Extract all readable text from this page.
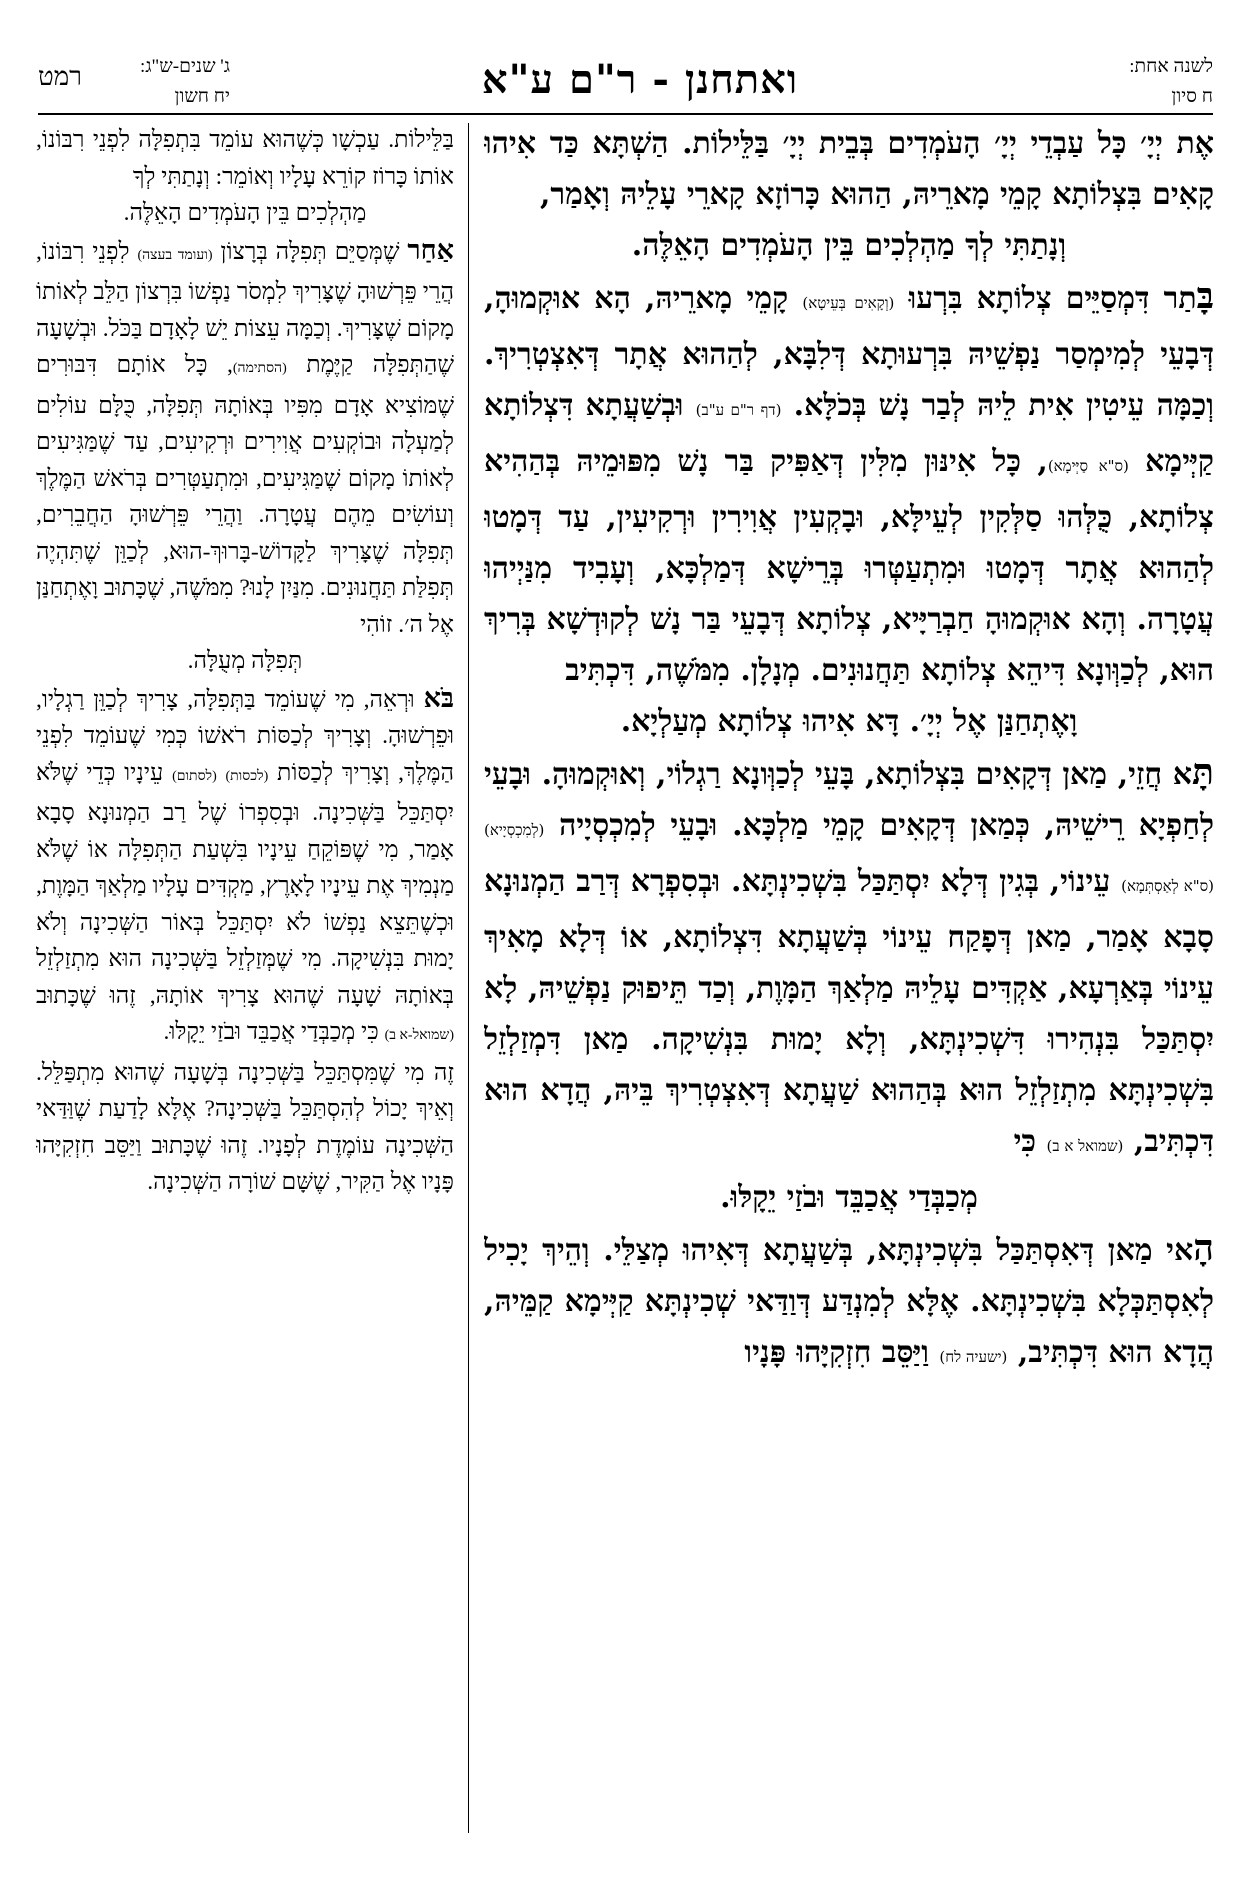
לשנה אחת:
ח סיון
ואתחנן - ר"ם ע"א
ג' שנים-ש"ג:
יח חשון
רמט

אֶת יְיָ׳ כָּל עַבְדֵי יְיָ׳ הָעֹמְדִים בְּבֵית יְיָ׳ בַּלֵּילוֹת. הַשְׁתָּא כַּד אִיהוּ קָאִים בִּצְלוֹתָא קָמֵי מָארֵיהּ, הַהוּא כָּרוֹזָא קָארֵי עָלֵיהּ וְאָמַר,

וְנָתַתִּי לְךָ מַהְלְכִים בֵּין הָעֹמְדִים הָאֵלֶּה.

בָּתַר דִּמְסַיֵּים צְלוֹתָא בִּרְעוּ (וְקָאִים בְּעֵיטָא) קָמֵי מָארֵיהּ, הָא אוּקְמוּהָ, דְּבָעֵי לְמִימְסַר נַפְשֵׁיהּ בִּרְעוּתָא דְּלִבָּא, לְהַהוּא אֲתָר דְּאִצְטְרִיךְ. וְכַמָּה עֵיטִין אִית לֵיהּ לְבַר נָשׁ בְּכֹלָּא. (דף ר"ם ע"ב) וּבְשַׁעֲתָא דִּצְלוֹתָא קַיְּימָא (ס"א סַיְּימָא), כָּל אִינּוּן מִלִּין דְּאַפִּיק בַּר נָשׁ מִפּוּמֵיהּ בְּהַהִיא צְלוֹתָא, כֻּלְּהוּ סַלְּקִין לְעֵילָּא, וּבָקְעִין אֲוִירִין וּרְקִיעִין, עַד דְּמָטוּ לְהַהוּא אֲתָר דְּמָטוּ וּמִתְעַטְּרוּ בְּרֵישָׁא דְּמַלְכָּא, וְעָבִיד מִנַּיְיהוּ עֲטָרָה. וְהָא אוּקְמוּהָ חַבְרַיָּיא, צְלוֹתָא דְּבָעֵי בַּר נָשׁ לְקוּדְשָׁא בְּרִיךְ הוּא, לְכַוְּונָא דִּיהֵא צְלוֹתָא תַּחֲנוּנִים. מְנָלָן. מִמֹּשֶׁה, דִּכְתִּיב

וָאֶתְחַנַּן אֶל יְיָ׳. דָּא אִיהוּ צְלוֹתָא מְעַלְיָא.

תָּא חֲזֵי, מַאן דְּקָאִים בִּצְלוֹתָא, בָּעֵי לְכַוְּונָא רַגְלוֹי, וְאוּקְמוּהָ. וּבָעֵי לְחַפְיָא רֵישֵׁיהּ, כְּמַאן דְּקָאִים קָמֵי מַלְכָּא. וּבָעֵי לְמִכְסְיָיה (לְמִכְסְיָיא) (ס"א לְאַסְתְּמָא) עֵינוֹי, בְּגִין דְּלָא יִסְתַּכַּל בִּשְׁכִינְתָּא. וּבְסִפְרָא דְּרַב הַמְנוּנָא סָבָא אָמַר, מַאן דְּפָקַח עֵינוֹי בְּשַׁעֲתָא דִּצְלוֹתָא, אוֹ דְּלָא מָאִיךְ עֵינוֹי בְּאַרְעָא, אַקְדִּים עָלֵיהּ מַלְאַךְ הַמָּוֶת, וְכַד תֵּיפוּק נַפְשֵׁיהּ, לָא יִסְתַּכַּל בִּנְהִירוּ דִּשְׁכִינְתָּא, וְלָא יָמוּת בִּנְשִׁיקָה. מַאן דִּמְזַלְזֵל בִּשְׁכִינְתָּא מִתְזַלְזֵל הוּא בְּהַהוּא שַׁעֲתָא דְּאִצְטְרִיךְ בֵּיהּ, הֲדָא הוּא דִּכְתִּיב, (שמואל א ב) כִּי

מְכַבְּדַי אֲכַבֵּד וּבֹזַי יֵקָלּוּ.

הָאי מַאן דְּאִסְתַּכַּל בִּשְׁכִינְתָּא, בְּשַׁעֲתָא דְּאִיהוּ מְצַלֵּי. וְהֵיךְ יָכִיל לְאִסְתַּכְּלָא בִּשְׁכִינְתָּא. אֶלָּא לְמִנְדַּע דְּוַדַּאי שְׁכִינְתָּא קַיְּימָא קַמֵּיהּ, הֲדָא הוּא דִּכְתִּיב, (ישעיה לח) וַיַּסֵּב חִזְקִיָּהוּ פָּנָיו

בַּלֵּילוֹת. עַכְשָׁו כְּשֶׁהוּא עוֹמֵד בִּתְפִלָּה לִפְנֵי רִבּוֹנוֹ, אוֹתוֹ כָּרוֹז קוֹרֵא עָלָיו וְאוֹמֵר: וְנָתַתִּי לְךָ

מַהְלְכִים בֵּין הָעֹמְדִים הָאֵלֶּה.

אַחַר שֶׁמְּסַיֵּם תְּפִלָּה בְּרָצוֹן (ועומד בעצה) לִפְנֵי רִבּוֹנוֹ, הֲרֵי פֵּרְשׁוּהָ שֶׁצָּרִיךְ לִמְסֹר נַפְשׁוֹ בִּרְצוֹן הַלֵּב לְאוֹתוֹ מָקוֹם שֶׁצָּרִיךְ. וְכַמָּה עֵצוֹת יֵשׁ לָאָדָם בַּכֹּל. וּבְשָׁעָה שֶׁהַתְּפִלָּה קַיֶּמֶת (הסתימה), כָּל אוֹתָם דִּבּוּרִים שֶׁמּוֹצִיא אָדָם מִפִּיו בְּאוֹתָהּ תְּפִלָּה, כֻּלָּם עוֹלִים לְמַעְלָה וּבוֹקְעִים אֲוִירִים וּרְקִיעִים, עַד שֶׁמַּגִּיעִים לְאוֹתוֹ מָקוֹם שֶׁמַּגִּיעִים, וּמִתְעַטְּרִים בְּרֹאשׁ הַמֶּלֶךְ וְעוֹשִׂים מֵהֶם עֲטָרָה. וַהֲרֵי פֵּרְשׁוּהָ הַחֲבֵרִים, תְּפִלָּה שֶׁצָּרִיךְ לַקָּדוֹשׁ-בָּרוּךְ-הוּא, לְכַוֵּן שֶׁתִּהְיֶה תְּפִלַּת תַּחֲנוּנִים. מִנַּיִן לָנוּ? מִמֹּשֶׁה, שֶׁכָּתוּב וָאֶתְחַנַּן אֶל ה׳. זוֹהִי

תְּפִלָּה מְעֻלָּה.

בֹּא וּרְאֵה, מִי שֶׁעוֹמֵד בַּתְּפִלָּה, צָרִיךְ לְכַוֵּן רַגְלָיו, וּפֵרְשׁוּהָ. וְצָרִיךְ לְכַסּוֹת רֹאשׁוֹ כְּמִי שֶׁעוֹמֵד לִפְנֵי הַמֶּלֶךְ, וְצָרִיךְ לְכַסּוֹת (לכסות) (לסתום) עֵינָיו כְּדֵי שֶׁלֹּא יִסְתַּכֵּל בַּשְּׁכִינָה. וּבְסִפְרוֹ שֶׁל רַב הַמְנוּנָא סָבָא אָמַר, מִי שֶׁפּוֹקֵחַ עֵינָיו בִּשְׁעַת הַתְּפִלָּה אוֹ שֶׁלֹּא מַנְמִיךְ אֶת עֵינָיו לָאָרֶץ, מַקְדִּים עָלָיו מַלְאַךְ הַמָּוֶת, וּכְשֶׁתֵּצֵא נַפְשׁוֹ לֹא יִסְתַּכֵּל בְּאוֹר הַשְּׁכִינָה וְלֹא יָמוּת בִּנְשִׁיקָה. מִי שֶׁמְּזַלְזֵל בַּשְּׁכִינָה הוּא מִתְזַלְזֵל בְּאוֹתָהּ שָׁעָה שֶׁהוּא צָרִיךְ אוֹתָהּ, זֶהוּ שֶׁכָּתוּב (שמואל-א ב) כִּי מְכַבְּדַי אֲכַבֵּד וּבֹזַי יֵקָלּוּ.

זֶה מִי שֶׁמִּסְתַּכֵּל בַּשְּׁכִינָה בְּשָׁעָה שֶׁהוּא מִתְפַּלֵּל. וְאֵיךְ יָכוֹל לְהִסְתַּכֵּל בַּשְּׁכִינָה? אֶלָּא לָדַעַת שֶׁוַּדַּאי הַשְּׁכִינָה עוֹמֶדֶת לְפָנָיו. זֶהוּ שֶׁכָּתוּב וַיַּסֵּב חִזְקִיָּהוּ פָּנָיו אֶל הַקִּיר, שֶׁשָּׁם שׁוֹרָה הַשְּׁכִינָה.
